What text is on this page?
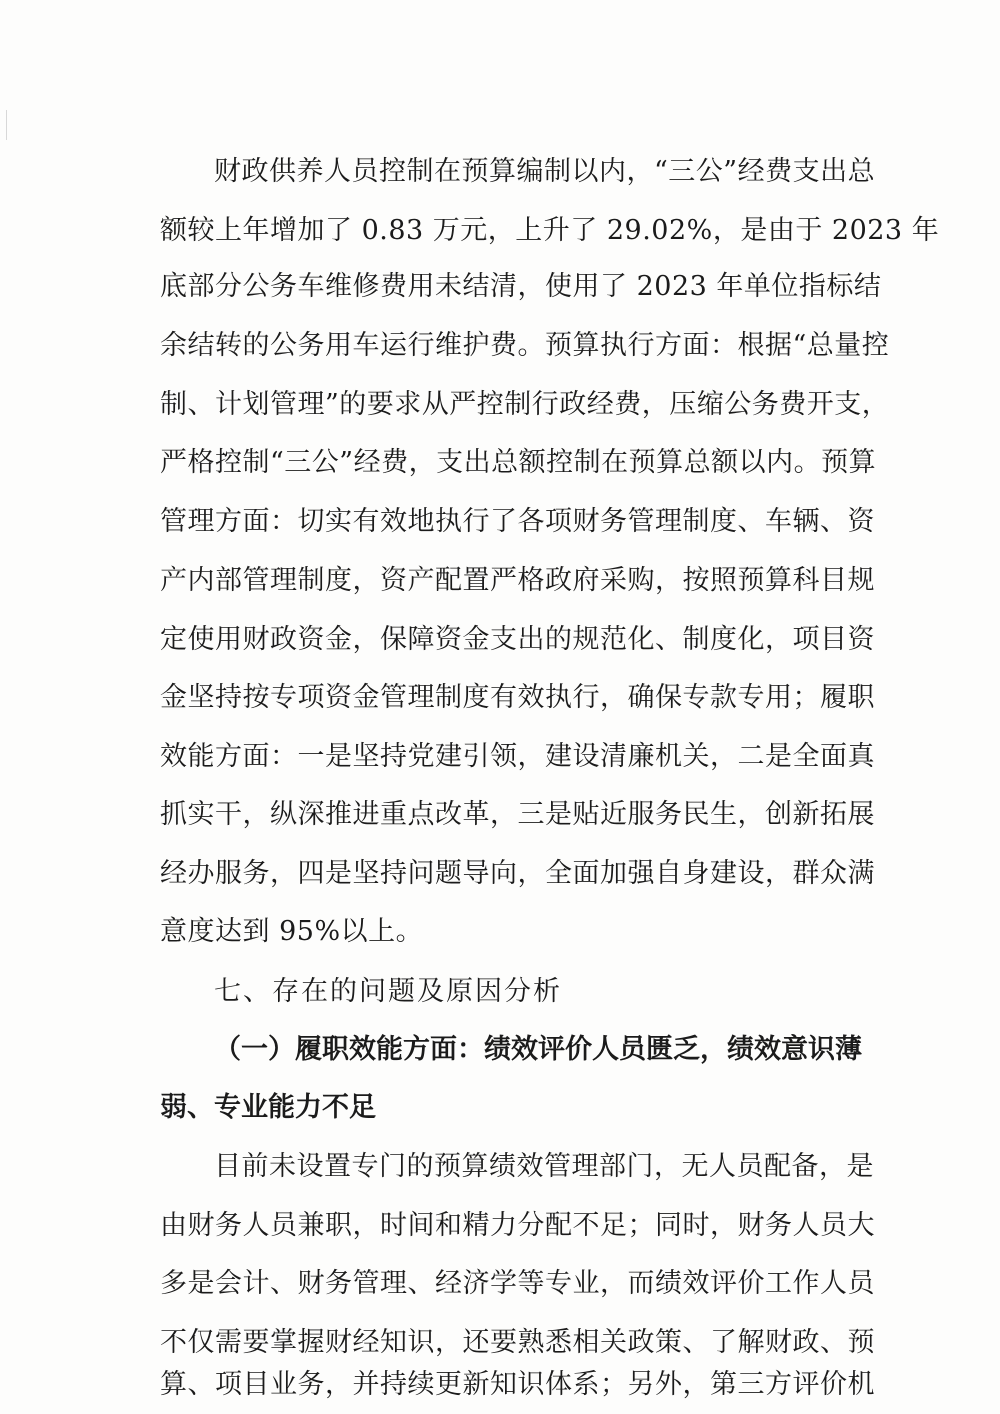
财政供养人员控制在预算编制以内，“三公”经费支出总
额较上年增加了 0.83 万元，上升了 29.02%，是由于 2023 年
底部分公务车维修费用未结清，使用了 2023 年单位指标结
余结转的公务用车运行维护费。预算执行方面：根据“总量控
制、计划管理”的要求从严控制行政经费，压缩公务费开支，
严格控制“三公”经费，支出总额控制在预算总额以内。预算
管理方面：切实有效地执行了各项财务管理制度、车辆、资
产内部管理制度，资产配置严格政府采购，按照预算科目规
定使用财政资金，保障资金支出的规范化、制度化，项目资
金坚持按专项资金管理制度有效执行，确保专款专用；履职
效能方面：一是坚持党建引领，建设清廉机关，二是全面真
抓实干，纵深推进重点改革，三是贴近服务民生，创新拓展
经办服务，四是坚持问题导向，全面加强自身建设，群众满
意度达到 95%以上。
七、存在的问题及原因分析
（一）履职效能方面：绩效评价人员匮乏，绩效意识薄
弱、专业能力不足
目前未设置专门的预算绩效管理部门，无人员配备，是
由财务人员兼职，时间和精力分配不足；同时，财务人员大
多是会计、财务管理、经济学等专业，而绩效评价工作人员
不仅需要掌握财经知识，还要熟悉相关政策、了解财政、预
算、项目业务，并持续更新知识体系；另外，第三方评价机
